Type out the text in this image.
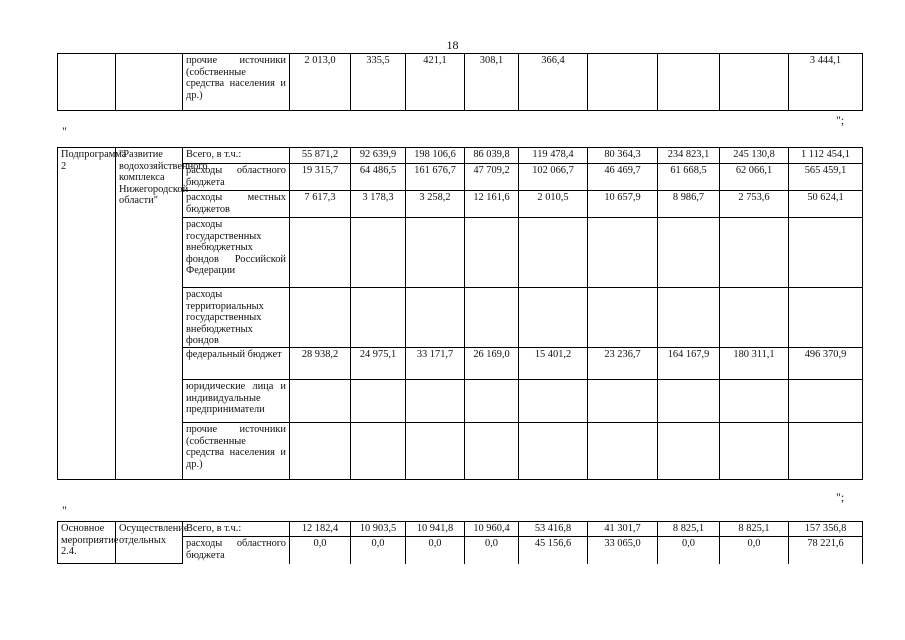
18
		прочие источники (собственные средства населения и др.)	2 013,0	335,5	421,1	308,1	366,4				3 444,1
";
"
Подпрограмма 2	"Развитие водохозяйственного комплекса Нижегородской области"	Всего, в т.ч.:	55 871,2	92 639,9	198 106,6	86 039,8	119 478,4	80 364,3	234 823,1	245 130,8	1 112 454,1
		расходы областного бюджета	19 315,7	64 486,5	161 676,7	47 709,2	102 066,7	46 469,7	61 668,5	62 066,1	565 459,1
		расходы местных бюджетов	7 617,3	3 178,3	3 258,2	12 161,6	2 010,5	10 657,9	8 986,7	2 753,6	50 624,1
		расходы государственных внебюджетных фондов Российской Федерации									
		расходы территориальных государственных внебюджетных фондов									
		федеральный бюджет	28 938,2	24 975,1	33 171,7	26 169,0	15 401,2	23 236,7	164 167,9	180 311,1	496 370,9
		юридические лица и индивидуальные предприниматели									
		прочие источники (собственные средства населения и др.)									
";
"
Основное мероприятие 2.4.	Осуществление отдельных	Всего, в т.ч.:	12 182,4	10 903,5	10 941,8	10 960,4	53 416,8	41 301,7	8 825,1	8 825,1	157 356,8
		расходы областного бюджета	0,0	0,0	0,0	0,0	45 156,6	33 065,0	0,0	0,0	78 221,6
